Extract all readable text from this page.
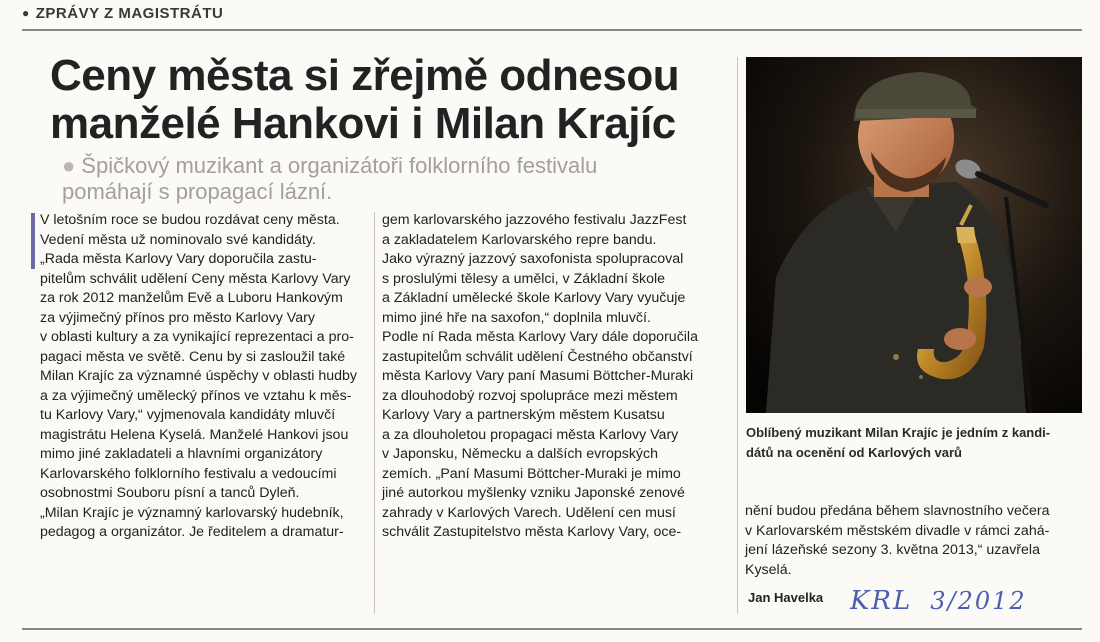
● ZPRÁVY Z MAGISTRÁTU
Ceny města si zřejmě odnesou
manželé Hankovi i Milan Krajíc

● Špičkový muzikant a organizátoři folklorního festivalu
pomáhají s propagací lázní.

V letošním roce se budou rozdávat ceny města.

Vedení města už nominovalo své kandidáty.

„Rada města Karlovy Vary doporučila zastu-

pitelům schválit udělení Ceny města Karlovy Vary

za rok 2012 manželům Evě a Luboru Hankovým

za výjimečný přínos pro město Karlovy Vary

v oblasti kultury a za vynikající reprezentaci a pro-

pagaci města ve světě. Cenu by si zasloužil také

Milan Krajíc za významné úspěchy v oblasti hudby

a za výjimečný umělecký přínos ve vztahu k měs-

tu Karlovy Vary,“ vyjmenovala kandidáty mluvčí

magistrátu Helena Kyselá. Manželé Hankovi jsou

mimo jiné zakladateli a hlavními organizátory

Karlovarského folklorního festivalu a vedoucími

osobnostmi Souboru písní a tanců Dyleň.

„Milan Krajíc je významný karlovarský hudebník,

pedagog a organizátor. Je ředitelem a dramatur-

gem karlovarského jazzového festivalu JazzFest

a zakladatelem Karlovarského repre bandu.

Jako výrazný jazzový saxofonista spolupracoval

s proslulými tělesy a umělci, v Základní škole

a Základní umělecké škole Karlovy Vary vyučuje

mimo jiné hře na saxofon,“ doplnila mluvčí.

Podle ní Rada města Karlovy Vary dále doporučila

zastupitelům schválit udělení Čestného občanství

města Karlovy Vary paní Masumi Böttcher-Muraki

za dlouhodobý rozvoj spolupráce mezi městem

Karlovy Vary a partnerským městem Kusatsu

a za dlouholetou propagaci města Karlovy Vary

v Japonsku, Německu a dalších evropských

zemích. „Paní Masumi Böttcher-Muraki je mimo

jiné autorkou myšlenky vzniku Japonské zenové

zahrady v Karlových Varech. Udělení cen musí

schválit Zastupitelstvo města Karlovy Vary, oce-

Oblíbený muzikant Milan Krajíc je jedním z kandi-

dátů na ocenění od Karlových varů

nění budou předána během slavnostního večera

v Karlovarském městském divadle v rámci zahá-

jení lázeňské sezony 3. května 2013,“ uzavřela

Kyselá.

Jan Havelka KRL 3/2012
